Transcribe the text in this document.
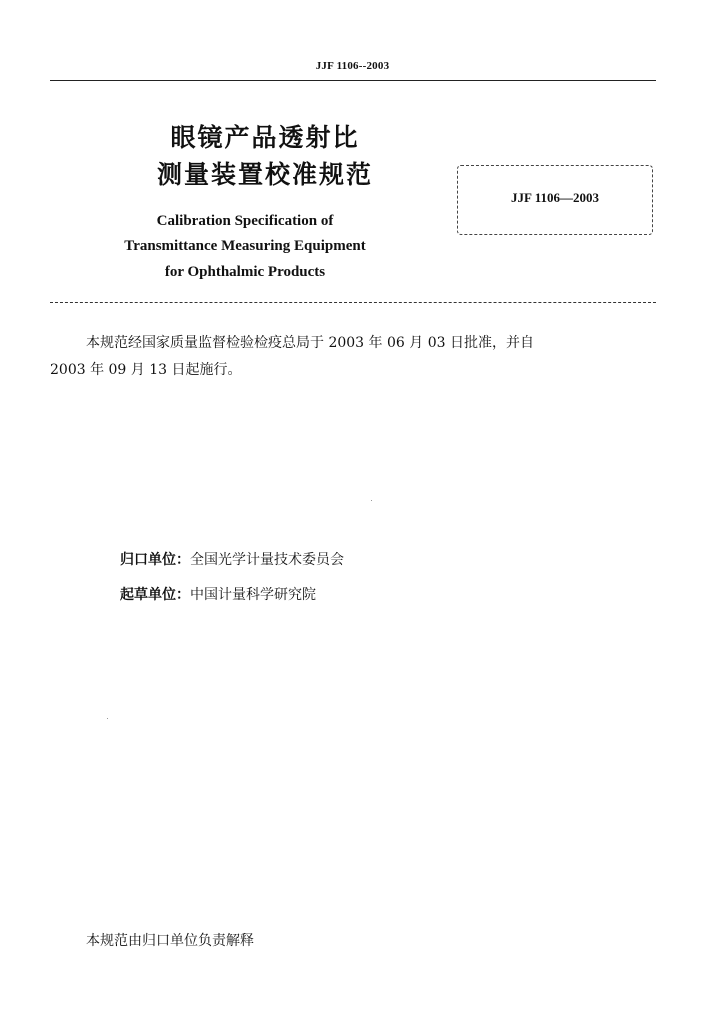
JJF 1106--2003
眼镜产品透射比
测量装置校准规范
Calibration Specification of
Transmittance Measuring Equipment
for Ophthalmic Products
JJF 1106—2003
本规范经国家质量监督检验检疫总局于 2003 年 06 月 03 日批准，并自
2003 年 09 月 13 日起施行。
归口单位：全国光学计量技术委员会
起草单位：中国计量科学研究院
本规范由归口单位负责解释
